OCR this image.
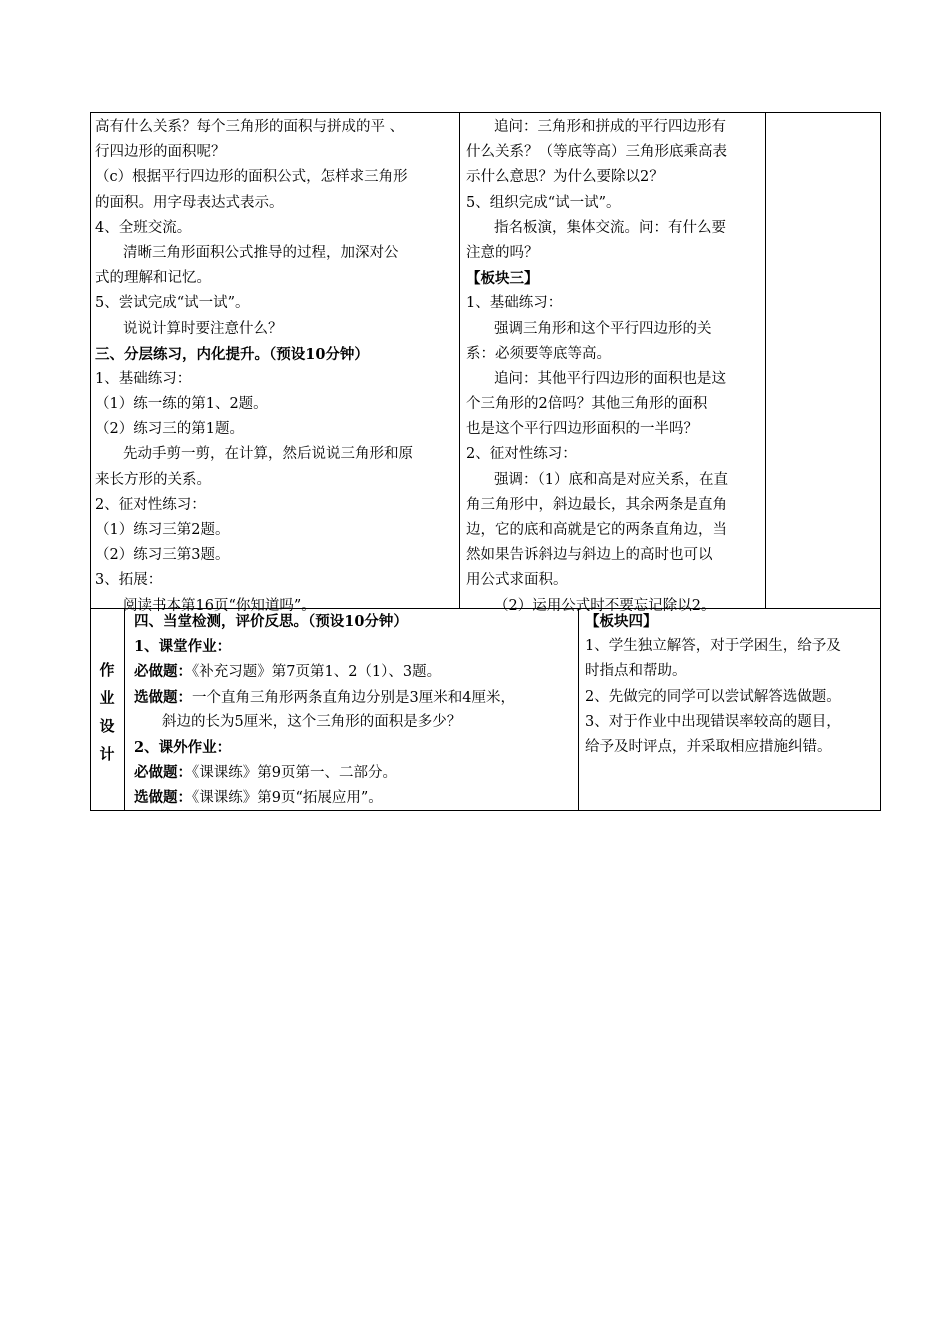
高有什么关系？每个三角形的面积与拼成的平 、
行四边形的面积呢？
（c）根据平行四边形的面积公式，怎样求三角形
的面积。用字母表达式表示。
4、全班交流。
清晰三角形面积公式推导的过程，加深对公
式的理解和记忆。
5、尝试完成“试一试”。
说说计算时要注意什么？
三、分层练习，内化提升。（预设10分钟）
1、基础练习：
（1）练一练的第1、2题。
（2）练习三的第1题。
先动手剪一剪，在计算，然后说说三角形和原
来长方形的关系。
2、征对性练习：
（1）练习三第2题。
（2）练习三第3题。
3、拓展：
阅读书本第16页“你知道吗”。
追问：三角形和拼成的平行四边形有
什么关系？（等底等高）三角形底乘高表
示什么意思？为什么要除以2？
5、组织完成“试一试”。
指名板演，集体交流。问：有什么要
注意的吗？
【板块三】
1、基础练习：
强调三角形和这个平行四边形的关
系：必须要等底等高。
追问：其他平行四边形的面积也是这
个三角形的2倍吗？其他三角形的面积
也是这个平行四边形面积的一半吗？
2、征对性练习：
强调：（1）底和高是对应关系，在直
角三角形中，斜边最长，其余两条是直角
边，它的底和高就是它的两条直角边，当
然如果告诉斜边与斜边上的高时也可以
用公式求面积。
（2）运用公式时不要忘记除以2。
作
业
设
计
四、当堂检测，评价反思。（预设10分钟）
1、课堂作业：
必做题：《补充习题》第7页第1、2（1）、3题。
选做题：一个直角三角形两条直角边分别是3厘米和4厘米，
斜边的长为5厘米，这个三角形的面积是多少？
2、课外作业：
必做题：《课课练》第9页第一、二部分。
选做题：《课课练》第9页“拓展应用”。
【板块四】
1、学生独立解答，对于学困生，给予及
时指点和帮助。
2、先做完的同学可以尝试解答选做题。
3、对于作业中出现错误率较高的题目，
给予及时评点，并采取相应措施纠错。
